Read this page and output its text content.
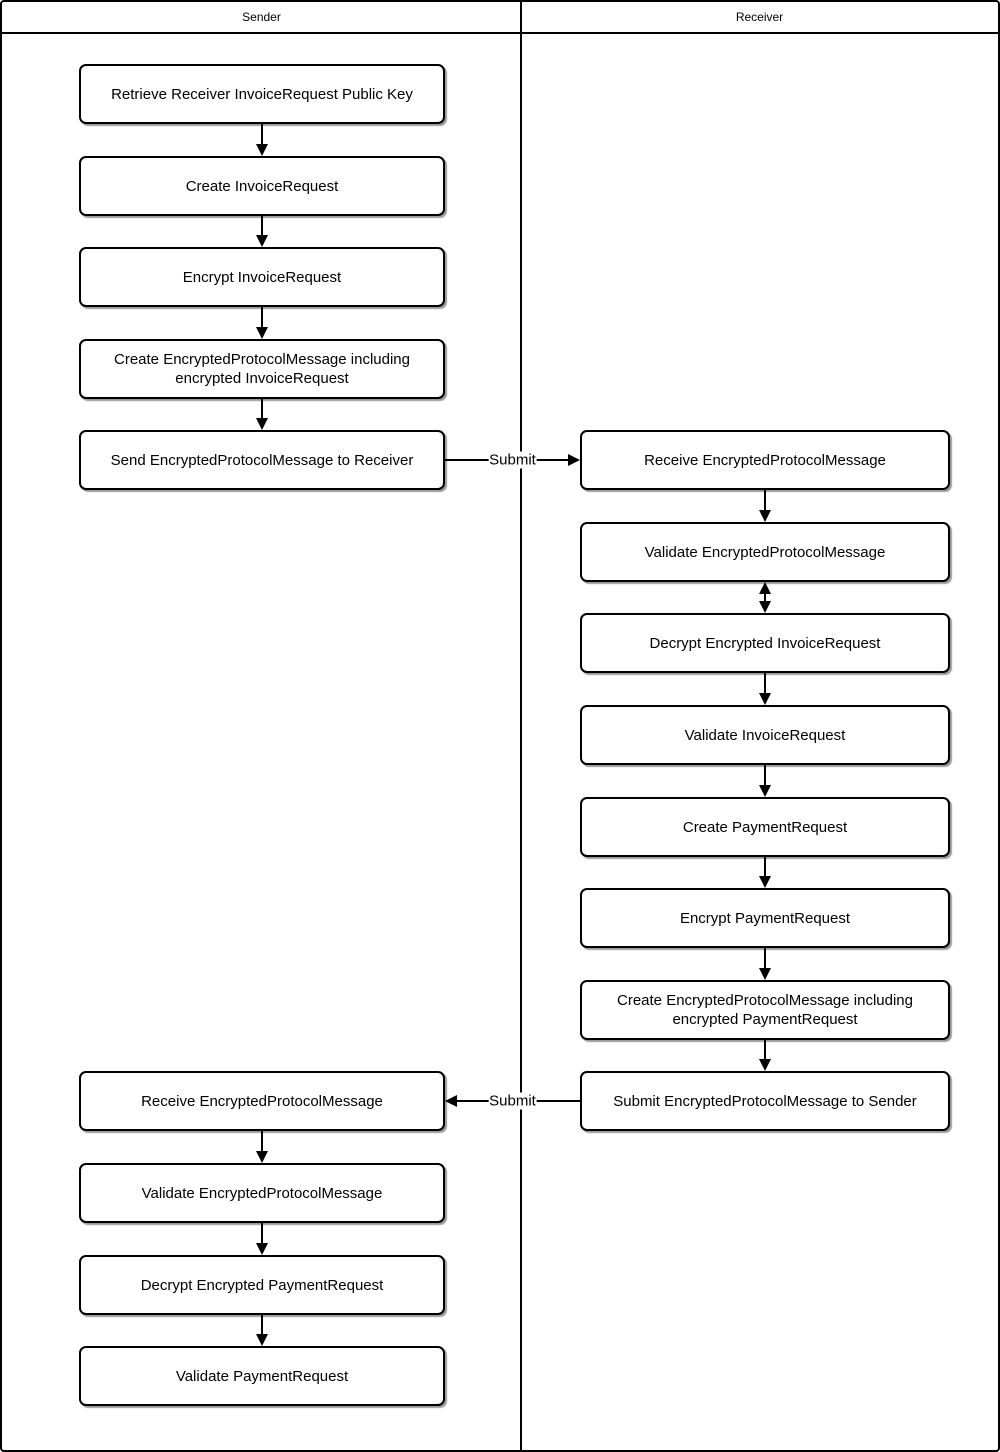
Sender	Receiver
Retrieve Receiver InvoiceRequest Public Key
Create InvoiceRequest
Encrypt InvoiceRequest
Create EncryptedProtocolMessage including encrypted InvoiceRequest
Send EncryptedProtocolMessage to Receiver	Receive EncryptedProtocolMessage
Validate EncryptedProtocolMessage
Decrypt Encrypted InvoiceRequest
Validate InvoiceRequest
Create PaymentRequest
Encrypt PaymentRequest
Create EncryptedProtocolMessage including encrypted PaymentRequest
Submit EncryptedProtocolMessage to Sender
Receive EncryptedProtocolMessage
Validate EncryptedProtocolMessage
Decrypt Encrypted PaymentRequest
Validate PaymentRequest
Submit
Submit
